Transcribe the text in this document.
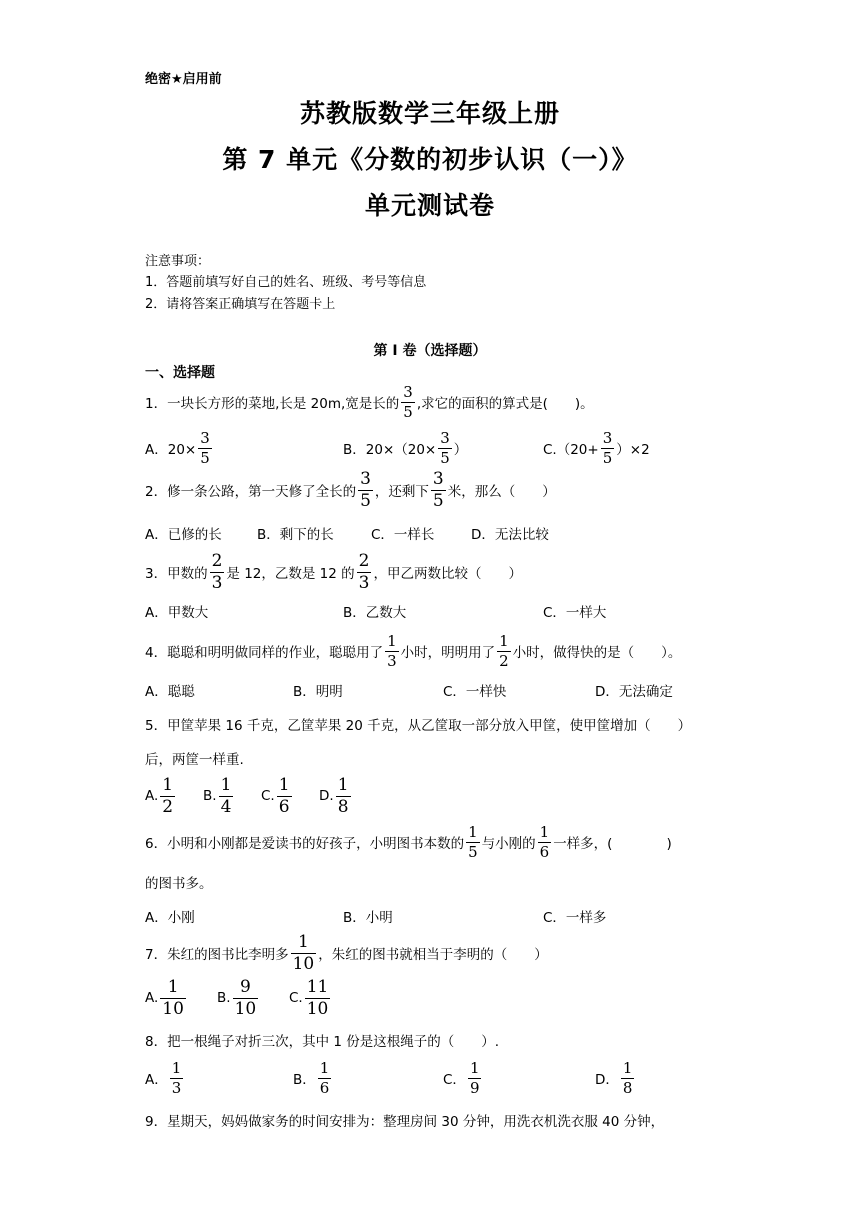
绝密★启用前
苏教版数学三年级上册
第 7 单元《分数的初步认识（一）》
单元测试卷
注意事项：
1．答题前填写好自己的姓名、班级、考号等信息
2．请将答案正确填写在答题卡上
第 I 卷（选择题）
一、选择题
1．一块长方形的菜地,长是 20m,宽是长的 $\frac{3}{5}$ ,求它的面积的算式是(　　)。
A．$20\times \frac{3}{5}$	B．$20\times(20\times \frac{3}{5}$ ）	$C.(20+ \frac{3}{5} )\times 2$
2．修一条公路，第一天修了全长的 $\frac{3}{5}$ ，还剩下 $\frac{3}{5}$ 米，那么（　　）
A．已修的长	B．剩下的长	C．一样长	D．无法比较
3．甲数的 $\frac{2}{3}$ 是 12，乙数是 12 的 $\frac{2}{3}$ ，甲乙两数比较（　　）
A．甲数大	B．乙数大	C．一样大
4．聪聪和明明做同样的作业，聪聪用了 $\frac{1}{3}$ 小时，明明用了 $\frac{1}{2}$ 小时，做得快的是（　　）。
A．聪聪	B．明明	C．一样快	D．无法确定
5．甲筐苹果 16 千克，乙筐苹果 20 千克，从乙筐取一部分放入甲筐，使甲筐增加（　　）
后，两筐一样重.
A. $\frac{1}{2} B$. $\frac{1}{4} C$. $\frac{1}{6} D$. $\frac{1}{8}$
6．小明和小刚都是爱读书的好孩子，小明图书本数的 $\frac{1}{5}$ 与小刚的 $\frac{1}{6}$ 一样多，(　　　　)
的图书多。
A．小刚	B．小明	C．一样多
7．朱红的图书比李明多 $\frac{1}{10}$ ，朱红的图书就相当于李明的（　　）
A. $\frac{1}{10} B$. $\frac{9}{10} C$. $\frac{11}{10}$
8．把一根绳子对折三次，其中 1 份是这根绳子的（　　）.
A． $\frac{1}{3}$	B． $\frac{1}{6}$	C． $\frac{1}{9}$	D． $\frac{1}{8}$
9．星期天，妈妈做家务的时间安排为：整理房间 30 分钟，用洗衣机洗衣服 40 分钟，
